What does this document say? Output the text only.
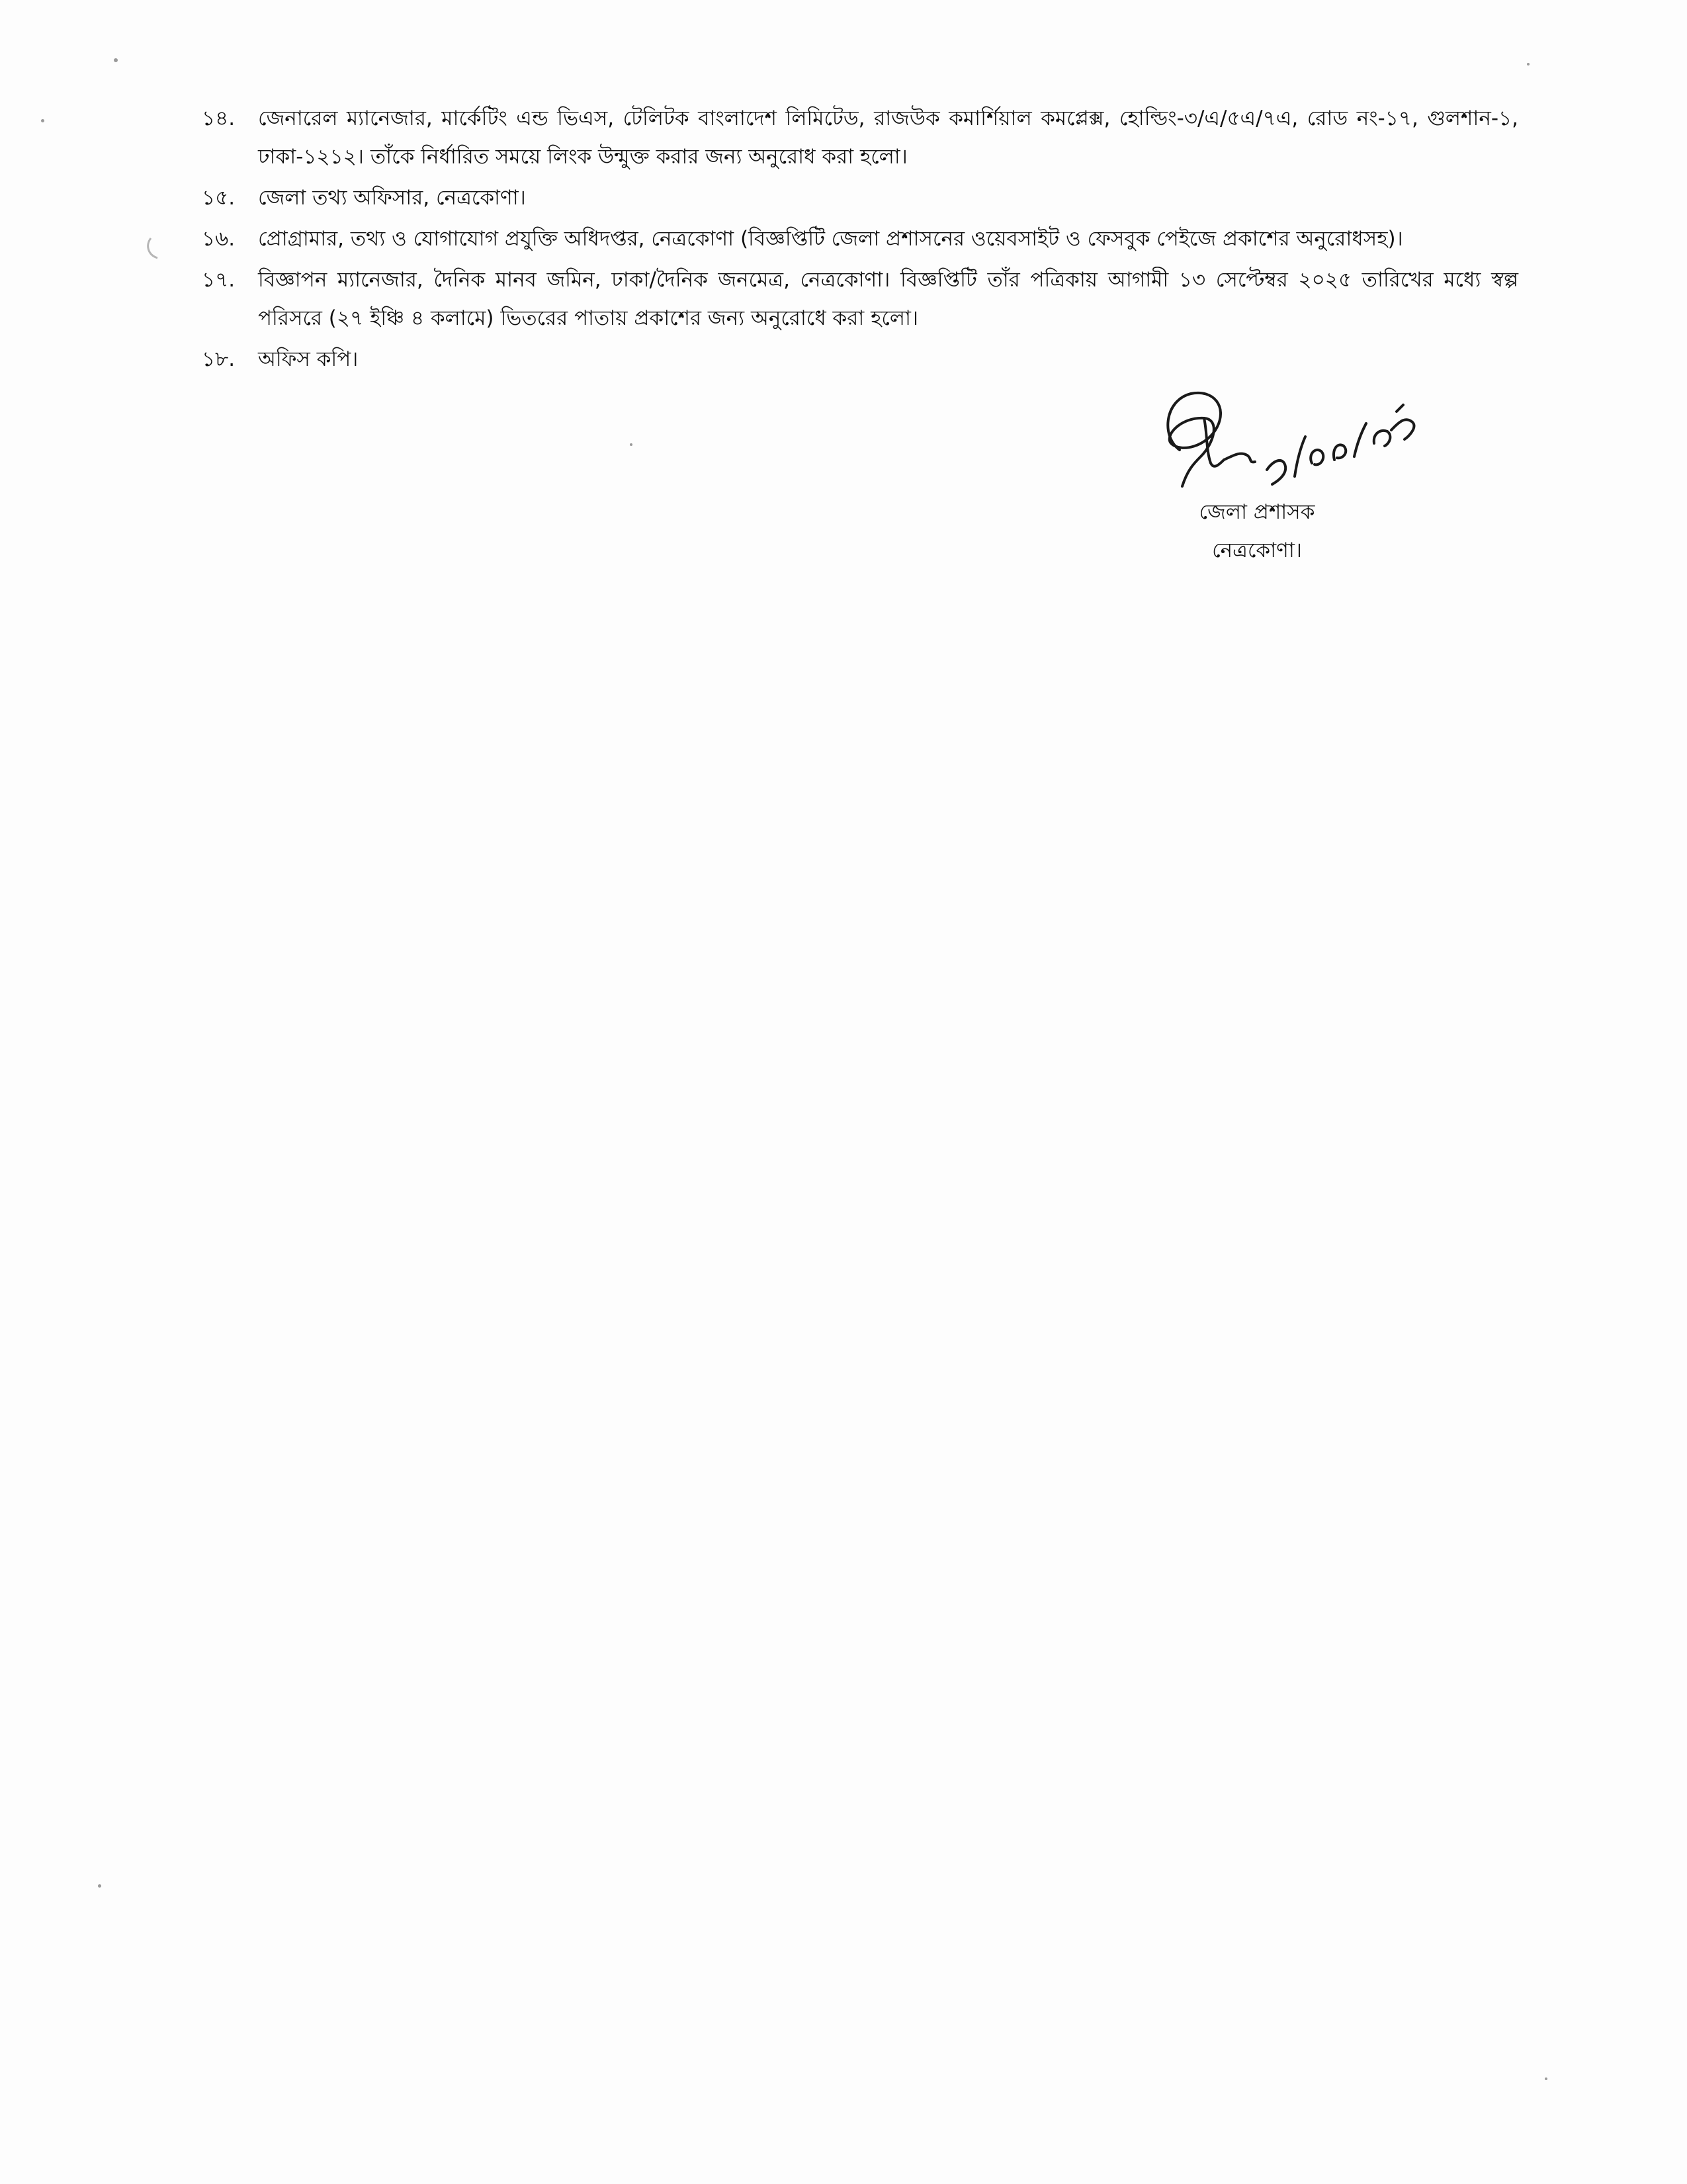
১৪.	জেনারেল ম্যানেজার, মার্কেটিং এন্ড ভিএস, টেলিটক বাংলাদেশ লিমিটেড, রাজউক কমার্শিয়াল কমপ্লেক্স, হোল্ডিং-৩/এ/৫এ/৭এ, রোড নং-১৭, গুলশান-১, ঢাকা-১২১২। তাঁকে নির্ধারিত সময়ে লিংক উন্মুক্ত করার জন্য অনুরোধ করা হলো।
১৫.	জেলা তথ্য অফিসার, নেত্রকোণা।
১৬.	প্রোগ্রামার, তথ্য ও যোগাযোগ প্রযুক্তি অধিদপ্তর, নেত্রকোণা (বিজ্ঞপ্তিটি জেলা প্রশাসনের ওয়েবসাইট ও ফেসবুক পেইজে প্রকাশের অনুরোধসহ)।
১৭.	বিজ্ঞাপন ম্যানেজার, দৈনিক মানব জমিন, ঢাকা/দৈনিক জনমেত্র, নেত্রকোণা। বিজ্ঞপ্তিটি তাঁর পত্রিকায় আগামী ১৩ সেপ্টেম্বর ২০২৫ তারিখের মধ্যে স্বল্প পরিসরে (২৭ ইঞ্চি ৪ কলামে) ভিতরের পাতায় প্রকাশের জন্য অনুরোধে করা হলো।
১৮.	অফিস কপি।
জেলা প্রশাসক
নেত্রকোণা।
